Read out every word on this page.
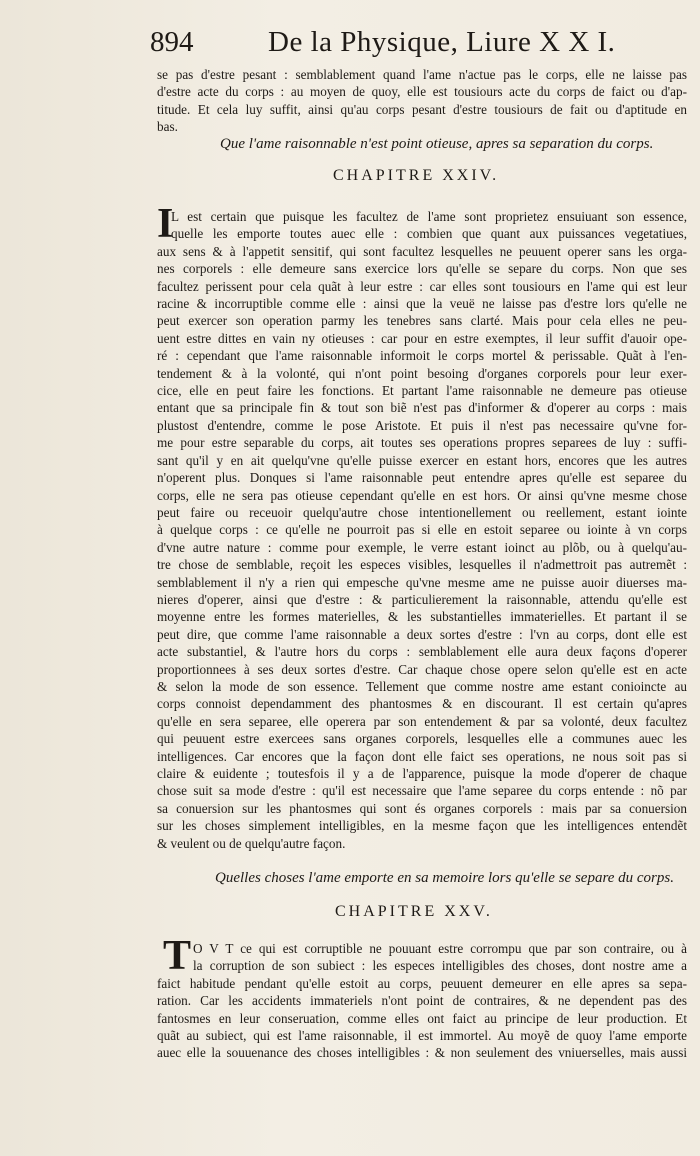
894	De la Physique, Liure X X I.
se pas d'estre pesant : semblablement quand l'ame n'actue pas le corps, elle ne laisse pas
d'estre acte du corps : au moyen de quoy, elle est tousiours acte du corps de faict ou d'ap-
titude. Et cela luy suffit, ainsi qu'au corps pesant d'estre tousiours de fait ou d'aptitude en
bas.
Que l'ame raisonnable n'est point otieuse, apres sa separation du corps.
CHAPITRE XXIV.
I
L est certain que puisque les facultez de l'ame sont proprietez ensuiuant son essence,
quelle les emporte toutes auec elle : combien que quant aux puissances vegetatiues,
aux sens & à l'appetit sensitif, qui sont facultez lesquelles ne peuuent operer sans les orga-
nes corporels : elle demeure sans exercice lors qu'elle se separe du corps. Non que ses
facultez perissent pour cela quãt à leur estre : car elles sont tousiours en l'ame qui est leur
racine & incorruptible comme elle : ainsi que la veuë ne laisse pas d'estre lors qu'elle ne
peut exercer son operation parmy les tenebres sans clarté. Mais pour cela elles ne peu-
uent estre dittes en vain ny otieuses : car pour en estre exemptes, il leur suffit d'auoir ope-
ré : cependant que l'ame raisonnable informoit le corps mortel & perissable. Quãt à l'en-
tendement & à la volonté, qui n'ont point besoing d'organes corporels pour leur exer-
cice, elle en peut faire les fonctions. Et partant l'ame raisonnable ne demeure pas otieuse
entant que sa principale fin & tout son biẽ n'est pas d'informer & d'operer au corps : mais
plustost d'entendre, comme le pose Aristote. Et puis il n'est pas necessaire qu'vne for-
me pour estre separable du corps, ait toutes ses operations propres separees de luy : suffi-
sant qu'il y en ait quelqu'vne qu'elle puisse exercer en estant hors, encores que les autres
n'operent plus. Donques si l'ame raisonnable peut entendre apres qu'elle est separee du
corps, elle ne sera pas otieuse cependant qu'elle en est hors. Or ainsi qu'vne mesme chose
peut faire ou receuoir quelqu'autre chose intentionellement ou reellement, estant iointe
à quelque corps : ce qu'elle ne pourroit pas si elle en estoit separee ou iointe à vn corps
d'vne autre nature : comme pour exemple, le verre estant ioinct au plõb, ou à quelqu'au-
tre chose de semblable, reçoit les especes visibles, lesquelles il n'admettroit pas autremẽt :
semblablement il n'y a rien qui empesche qu'vne mesme ame ne puisse auoir diuerses ma-
nieres d'operer, ainsi que d'estre : & particulierement la raisonnable, attendu qu'elle est
moyenne entre les formes materielles, & les substantielles immaterielles. Et partant il se
peut dire, que comme l'ame raisonnable a deux sortes d'estre : l'vn au corps, dont elle est
acte substantiel, & l'autre hors du corps : semblablement elle aura deux façons d'operer
proportionnees à ses deux sortes d'estre. Car chaque chose opere selon qu'elle est en acte
& selon la mode de son essence. Tellement que comme nostre ame estant conioincte au
corps connoist dependamment des phantosmes & en discourant. Il est certain qu'apres
qu'elle en sera separee, elle operera par son entendement & par sa volonté, deux facultez
qui peuuent estre exercees sans organes corporels, lesquelles elle a communes auec les
intelligences. Car encores que la façon dont elle faict ses operations, ne nous soit pas si
claire & euidente ; toutesfois il y a de l'apparence, puisque la mode d'operer de chaque
chose suit sa mode d'estre : qu'il est necessaire que l'ame separee du corps entende : nõ par
sa conuersion sur les phantosmes qui sont és organes corporels : mais par sa conuersion
sur les choses simplement intelligibles, en la mesme façon que les intelligences entendẽt
& veulent ou de quelqu'autre façon.
Quelles choses l'ame emporte en sa memoire lors qu'elle se separe du corps.
CHAPITRE XXV.
T O V T ce qui est corruptible ne pouuant estre corrompu que par son contraire, ou à
la corruption de son subiect : les especes intelligibles des choses, dont nostre ame a
faict habitude pendant qu'elle estoit au corps, peuuent demeurer en elle apres sa sepa-
ration. Car les accidents immateriels n'ont point de contraires, & ne dependent pas des
fantosmes en leur conseruation, comme elles ont faict au principe de leur production. Et
quãt au subiect, qui est l'ame raisonnable, il est immortel. Au moyẽ de quoy l'ame emporte
auec elle la souuenance des choses intelligibles : & non seulement des vniuerselles, mais aussi
